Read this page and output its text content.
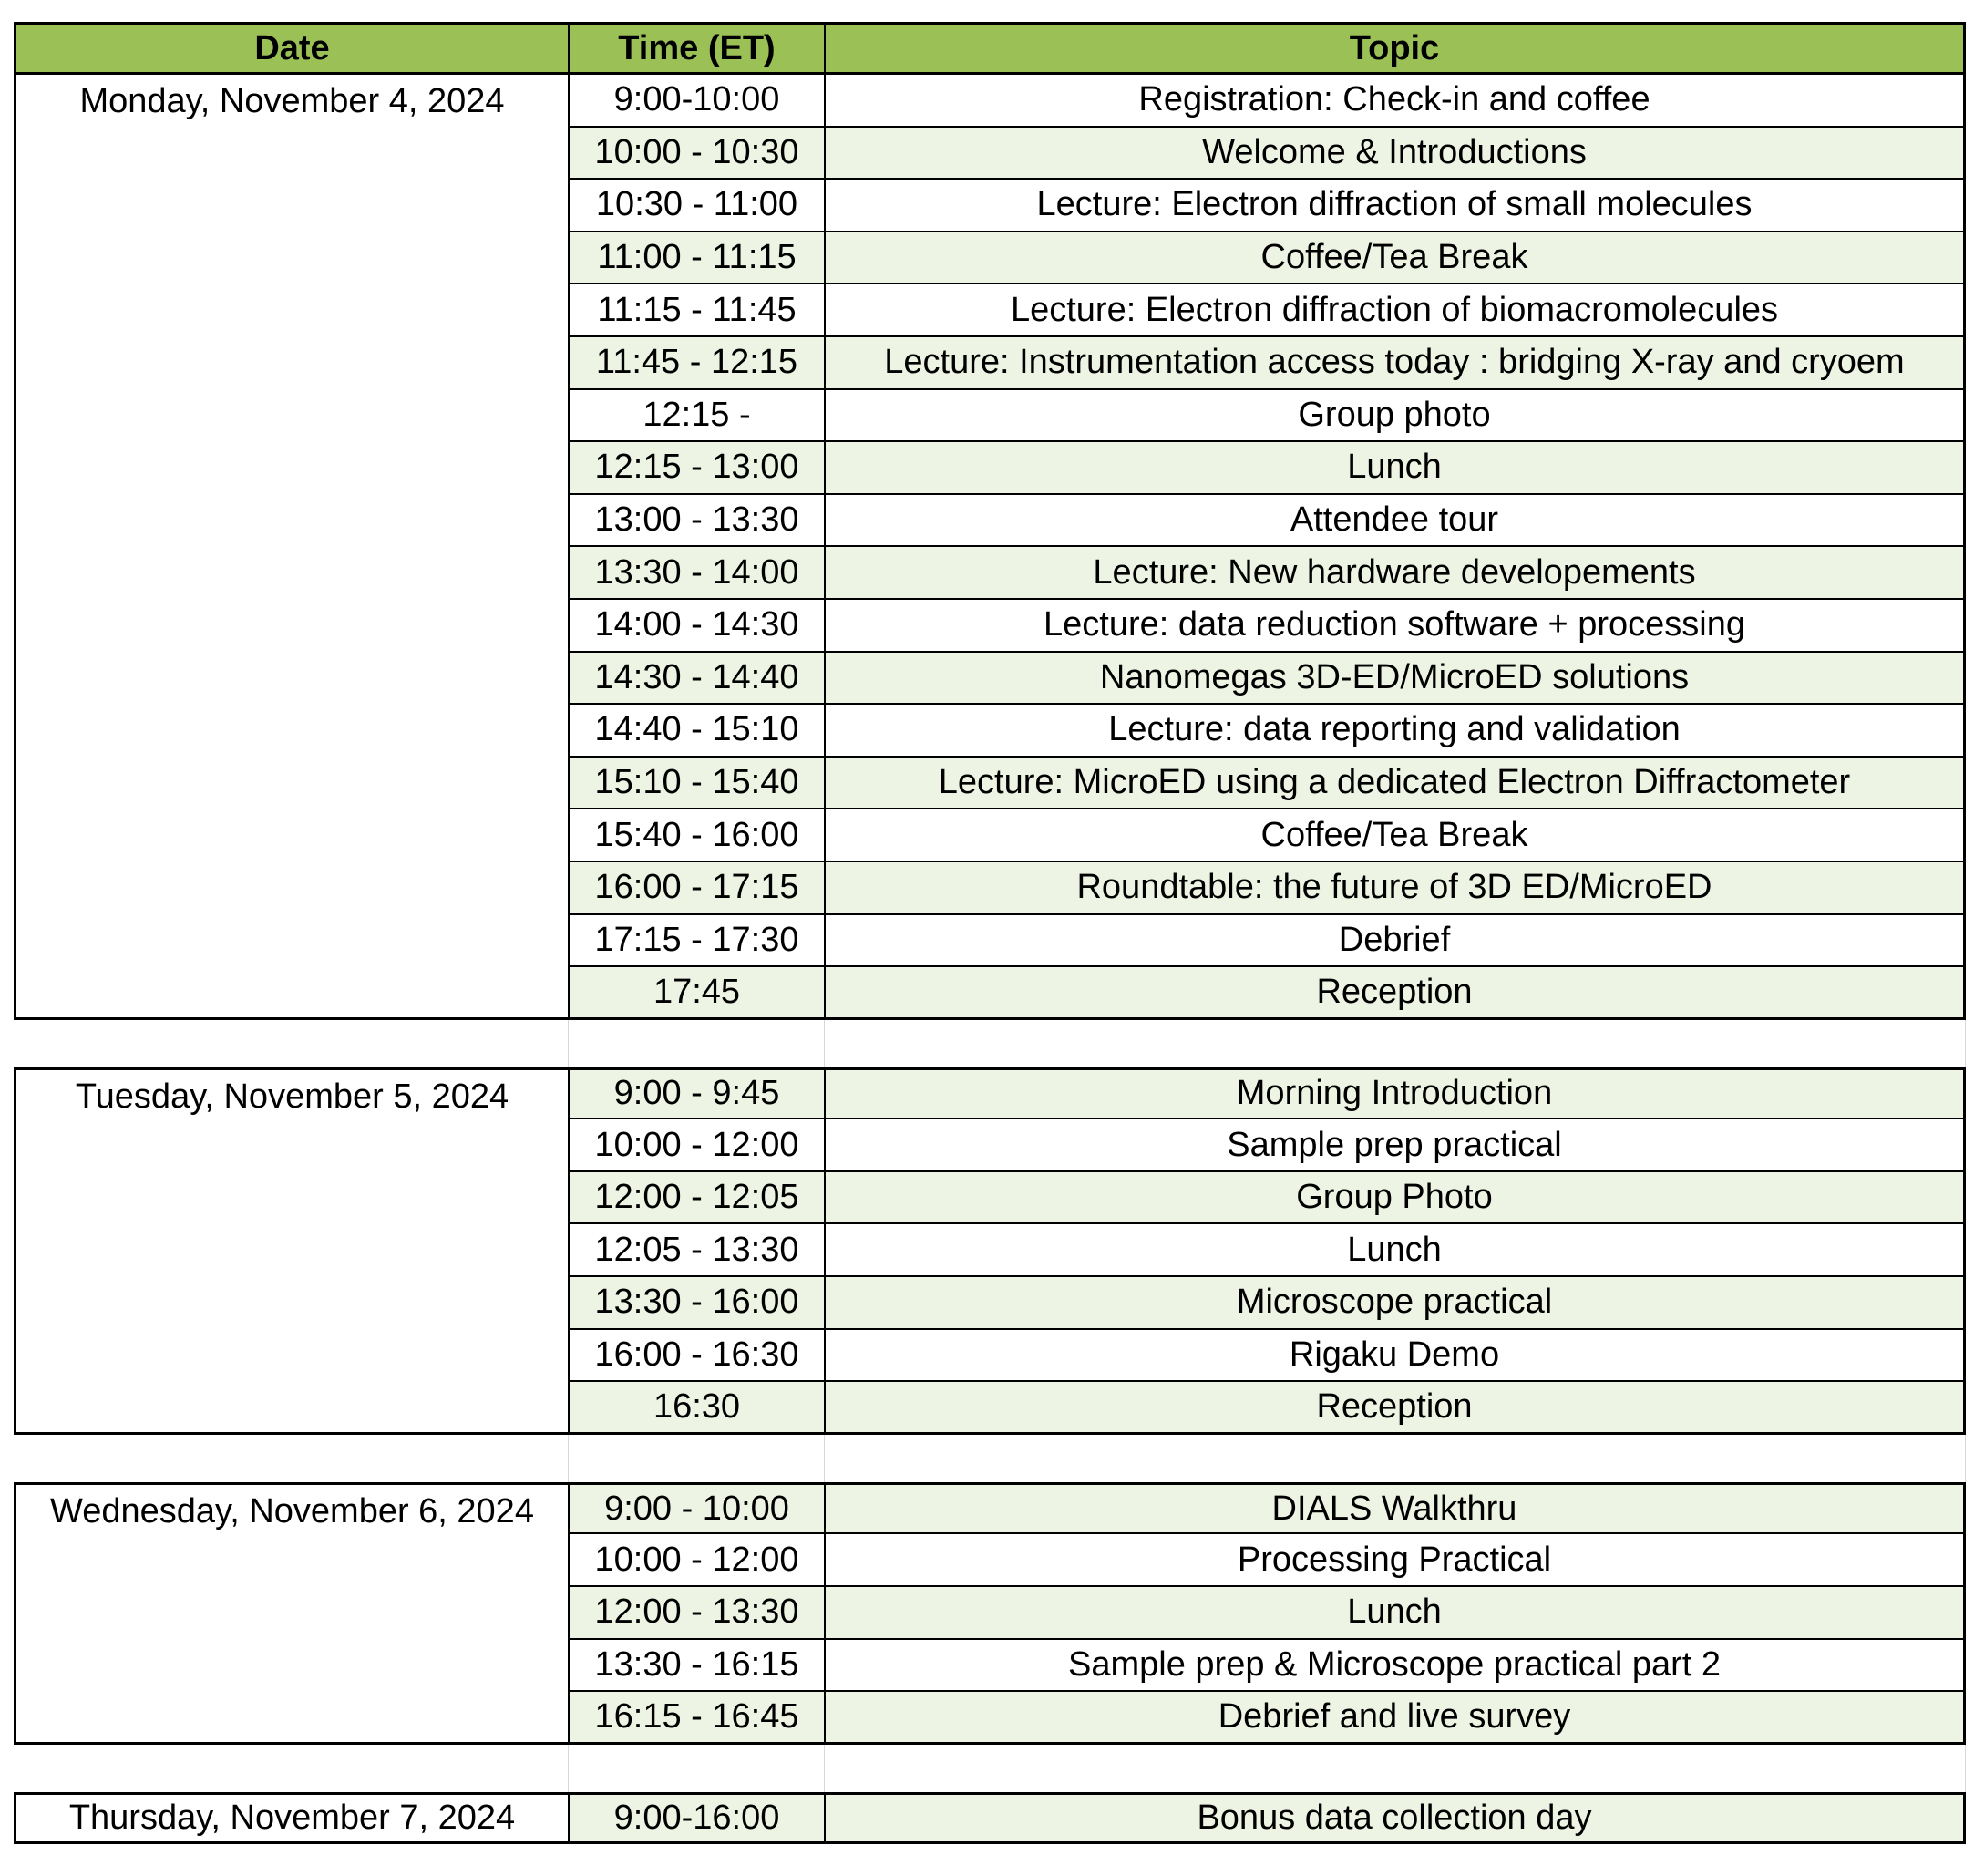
Date	Time (ET)	Topic
Monday, November 4, 2024	9:00-10:00	Registration: Check-in and coffee
10:00 - 10:30	Welcome & Introductions
10:30 - 11:00	Lecture: Electron diffraction of small molecules
11:00 - 11:15	Coffee/Tea Break
11:15 - 11:45	Lecture: Electron diffraction of biomacromolecules
11:45 - 12:15	Lecture: Instrumentation access today : bridging X-ray and cryoem
12:15 -	Group photo
12:15 - 13:00	Lunch
13:00 - 13:30	Attendee tour
13:30 - 14:00	Lecture: New hardware developements
14:00 - 14:30	Lecture: data reduction software + processing
14:30 - 14:40	Nanomegas 3D-ED/MicroED solutions
14:40 - 15:10	Lecture: data reporting and validation
15:10 - 15:40	Lecture: MicroED using a dedicated Electron Diffractometer
15:40 - 16:00	Coffee/Tea Break
16:00 - 17:15	Roundtable: the future of 3D ED/MicroED
17:15 - 17:30	Debrief
17:45	Reception
Tuesday, November 5, 2024	9:00 - 9:45	Morning Introduction
10:00 - 12:00	Sample prep practical
12:00 - 12:05	Group Photo
12:05 - 13:30	Lunch
13:30 - 16:00	Microscope practical
16:00 - 16:30	Rigaku Demo
16:30	Reception
Wednesday, November 6, 2024	9:00 - 10:00	DIALS Walkthru
10:00 - 12:00	Processing Practical
12:00 - 13:30	Lunch
13:30 - 16:15	Sample prep & Microscope practical part 2
16:15 - 16:45	Debrief and live survey
Thursday, November 7, 2024	9:00-16:00	Bonus data collection day
